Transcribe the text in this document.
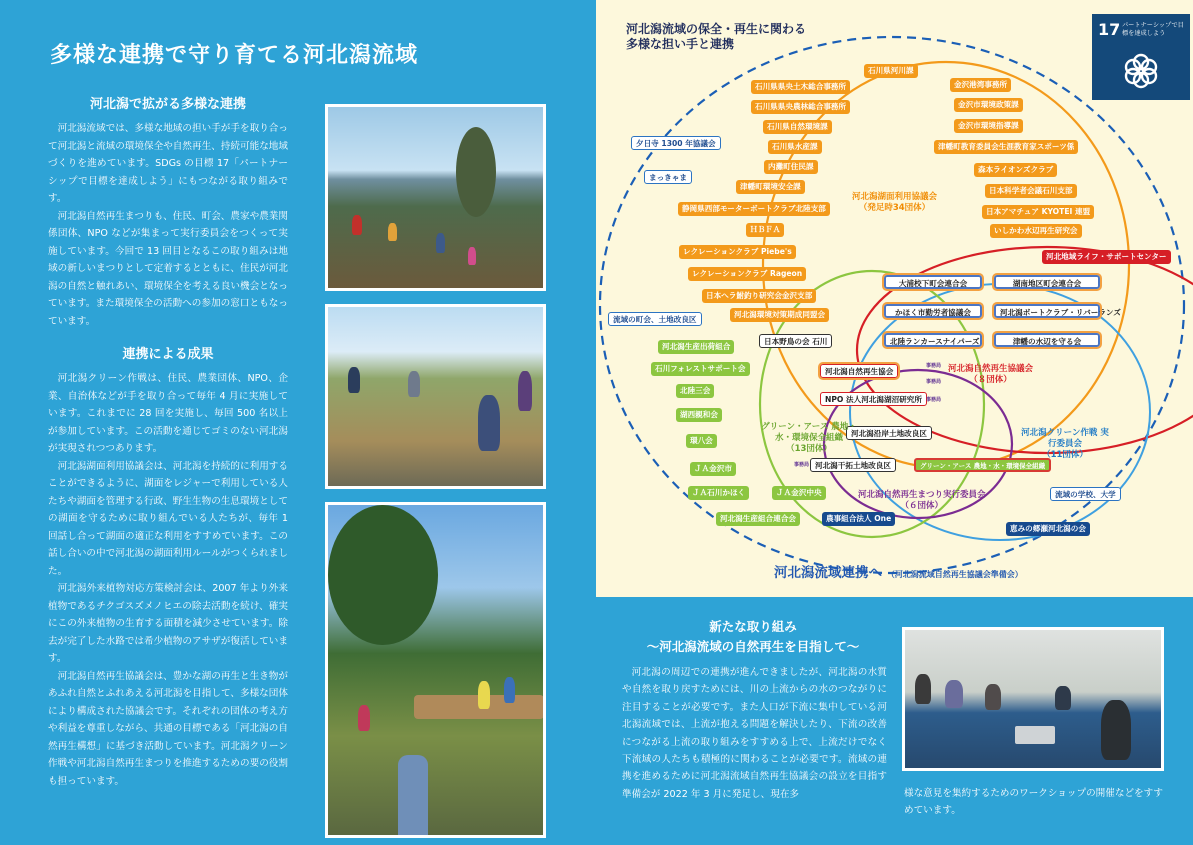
多様な連携で守り育てる河北潟流域
河北潟で拡がる多様な連携

河北潟流域では、多様な地域の担い手が手を取り合って河北潟と流域の環境保全や自然再生、持続可能な地域づくりを進めています。SDGs の目標 17「パートナーシップで目標を達成しよう」にもつながる取り組みです。

河北潟自然再生まつりも、住民、町会、農家や農業関係団体、NPO などが集まって実行委員会をつくって実施しています。今回で 13 回目となるこの取り組みは地域の新しいまつりとして定着するとともに、住民が河北潟の自然と触れあい、環境保全を考える良い機会となっています。また環境保全の活動への参加の窓口ともなっています。

連携による成果

河北潟クリーン作戦は、住民、農業団体、NPO、企業、自治体などが手を取り合って毎年 4 月に実施しています。これまでに 28 回を実施し、毎回 500 名以上が参加しています。この活動を通じてゴミのない河北潟が実現されつつあります。

河北潟湖面利用協議会は、河北潟を持続的に利用することができるように、湖面をレジャーで利用している人たちや湖面を管理する行政、野生生物の生息環境としての湖面を守るために取り組んでいる人たちが、毎年 1 回話し合って湖面の適正な利用をすすめています。この話し合いの中で河北潟の湖面利用ルールがつくられました。

河北潟外来植物対応方策検討会は、2007 年より外来植物であるチクゴスズメノヒエの除去活動を続け、確実にこの外来植物の生育する面積を減少させています。除去が完了した水路では希少植物のアサザが復活しています。

河北潟自然再生協議会は、豊かな湖の再生と生き物があふれ自然とふれあえる河北潟を目指して、多様な団体により構成された協議会です。それぞれの団体の考え方や利益を尊重しながら、共通の目標である「河北潟の自然再生構想」に基づき活動しています。河北潟クリーン作戦や河北潟自然再生まつりを推進するための要の役割も担っています。

河北潟流域の保全・再生に関わる
多様な担い手と連携
17 パートナーシップで目標を達成しよう
石川県河川課
石川県県央土木総合事務所
石川県県央農林総合事務所
石川県自然環境課
石川県水産課
内灘町住民課
津幡町環境安全課
静岡県西部モーターボートクラブ北陸支部
ＨＢＦＡ
レクレーションクラブ Piebe's
レクレーションクラブ Rageon
日本へラ鮒釣り研究会金沢支部
河北潟環境対策期成同盟会
金沢港湾事務所
金沢市環境政策課
金沢市環境指導課
津幡町教育委員会生涯教育家スポーツ係
森本ライオンズクラブ
日本科学者会議石川支部
日本アマチュア KYOTEI 連盟
いしかわ水辺再生研究会
河北潟湖面利用協議会
（発足時34団体）
夕日寺 1300 年協議会
まっきゃま
流域の町会、土地改良区
流域の学校、大学
農事組合法人 One
恵みの郷瀬河北潟の会
河北地域ライフ・サポートセンター
大浦校下町会連合会	湖南地区町会連合会
かほく市勤労者協議会	河北潟ボートクラブ・リバーランズ
北陸ランカースナイパーズ	津幡の水辺を守る会
日本野鳥の会 石川
河北潟自然再生協会
NPO 法人河北潟湖沼研究所
河北潟沿岸土地改良区
河北潟干拓土地改良区	グリーン・アース 農地・水・環境保全組織
事務局
事務局
事務局
事務局
河北潟自然再生協議会
（８団体）
河北潟生産出荷組合
石川フォレストサポート会
北陸三会
湖西親和会
環八会
ＪＡ金沢市
ＪＡ石川かほく	ＪＡ金沢中央
河北潟生産組合連合会
グリーン・アース 農地・水・環境保全組織
（13団体）
河北潟クリーン作戦 実行委員会
（11団体）
河北潟自然再生まつり実行委員会
（６団体）
河北潟流域連携へ （河北潟流域自然再生協議会準備会）
新たな取り組み
〜河北潟流域の自然再生を目指して〜
河北潟の周辺での連携が進んできましたが、河北潟の水質や自然を取り戻すためには、川の上流からの水のつながりに注目することが必要です。また人口が下流に集中している河北潟流域では、上流が抱える問題を解決したり、下流の改善につながる上流の取り組みをすすめる上で、上流だけでなく下流域の人たちも積極的に関わることが必要です。流域の連携を進めるために河北潟流域自然再生協議会の設立を目指す準備会が 2022 年 3 月に発足し、現在多	様な意見を集約するためのワークショップの開催などをすすめています。
